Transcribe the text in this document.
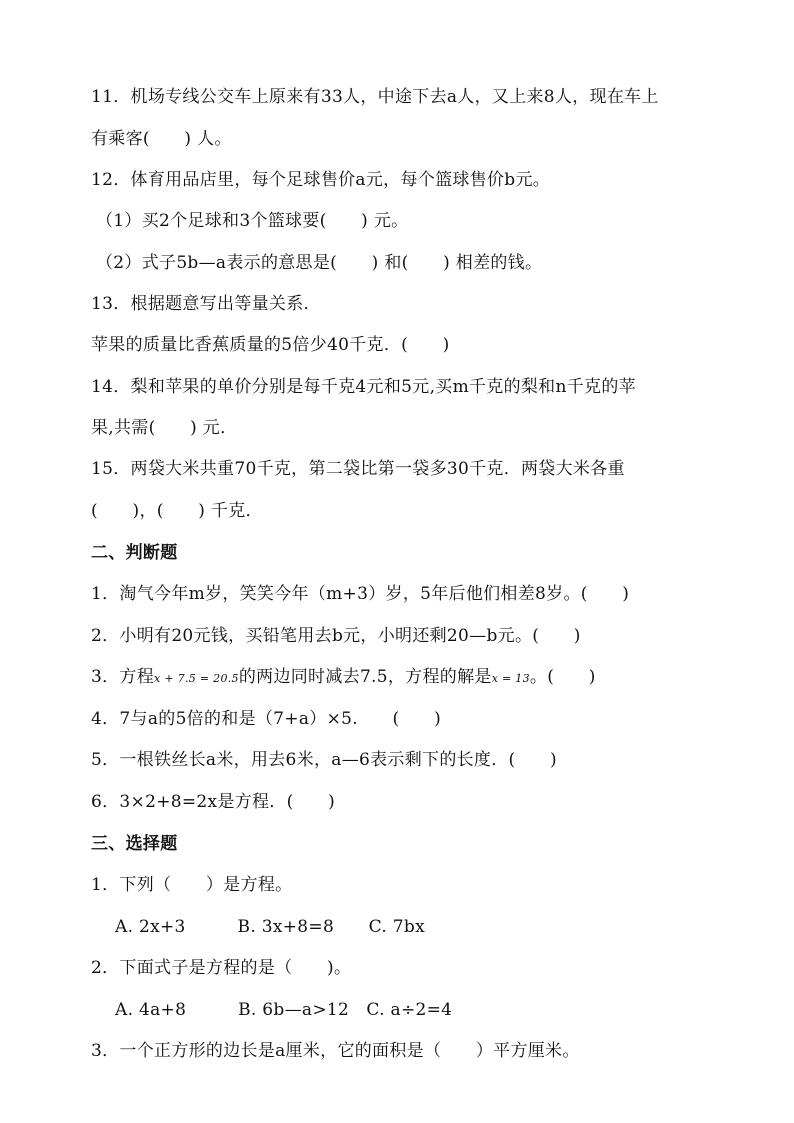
11．机场专线公交车上原来有33人，中途下去a人，又上来8人，现在车上
有乘客(　　) 人。
12．体育用品店里，每个足球售价a元，每个篮球售价b元。
（1）买2个足球和3个篮球要(　　) 元。
（2）式子5b—a表示的意思是(　　) 和(　　) 相差的钱。
13．根据题意写出等量关系．
苹果的质量比香蕉质量的5倍少40千克．(　　)
14．梨和苹果的单价分别是每千克4元和5元,买m千克的梨和n千克的苹
果,共需(　　) 元．
15．两袋大米共重70千克，第二袋比第一袋多30千克．两袋大米各重
(　　)，(　　) 千克．
二、判断题
1．淘气今年m岁，笑笑今年（m+3）岁，5年后他们相差8岁。(　　)
2．小明有20元钱，买铅笔用去b元，小明还剩20—b元。(　　)
3．方程x + 7.5 = 20.5的两边同时减去7.5，方程的解是x = 13。(　　)
4．7与a的5倍的和是（7+a）×5.　　(　　)
5．一根铁丝长a米，用去6米，a—6表示剩下的长度．(　　)
6．3×2+8=2x是方程．(　　)
三、选择题
1．下列（　　）是方程。
A. 2x+3　　　B. 3x+8=8　　C. 7bx
2．下面式子是方程的是（　　)。
A. 4a+8　　　B. 6b—a>12　C. a÷2=4
3．一个正方形的边长是a厘米，它的面积是（　　）平方厘米。
